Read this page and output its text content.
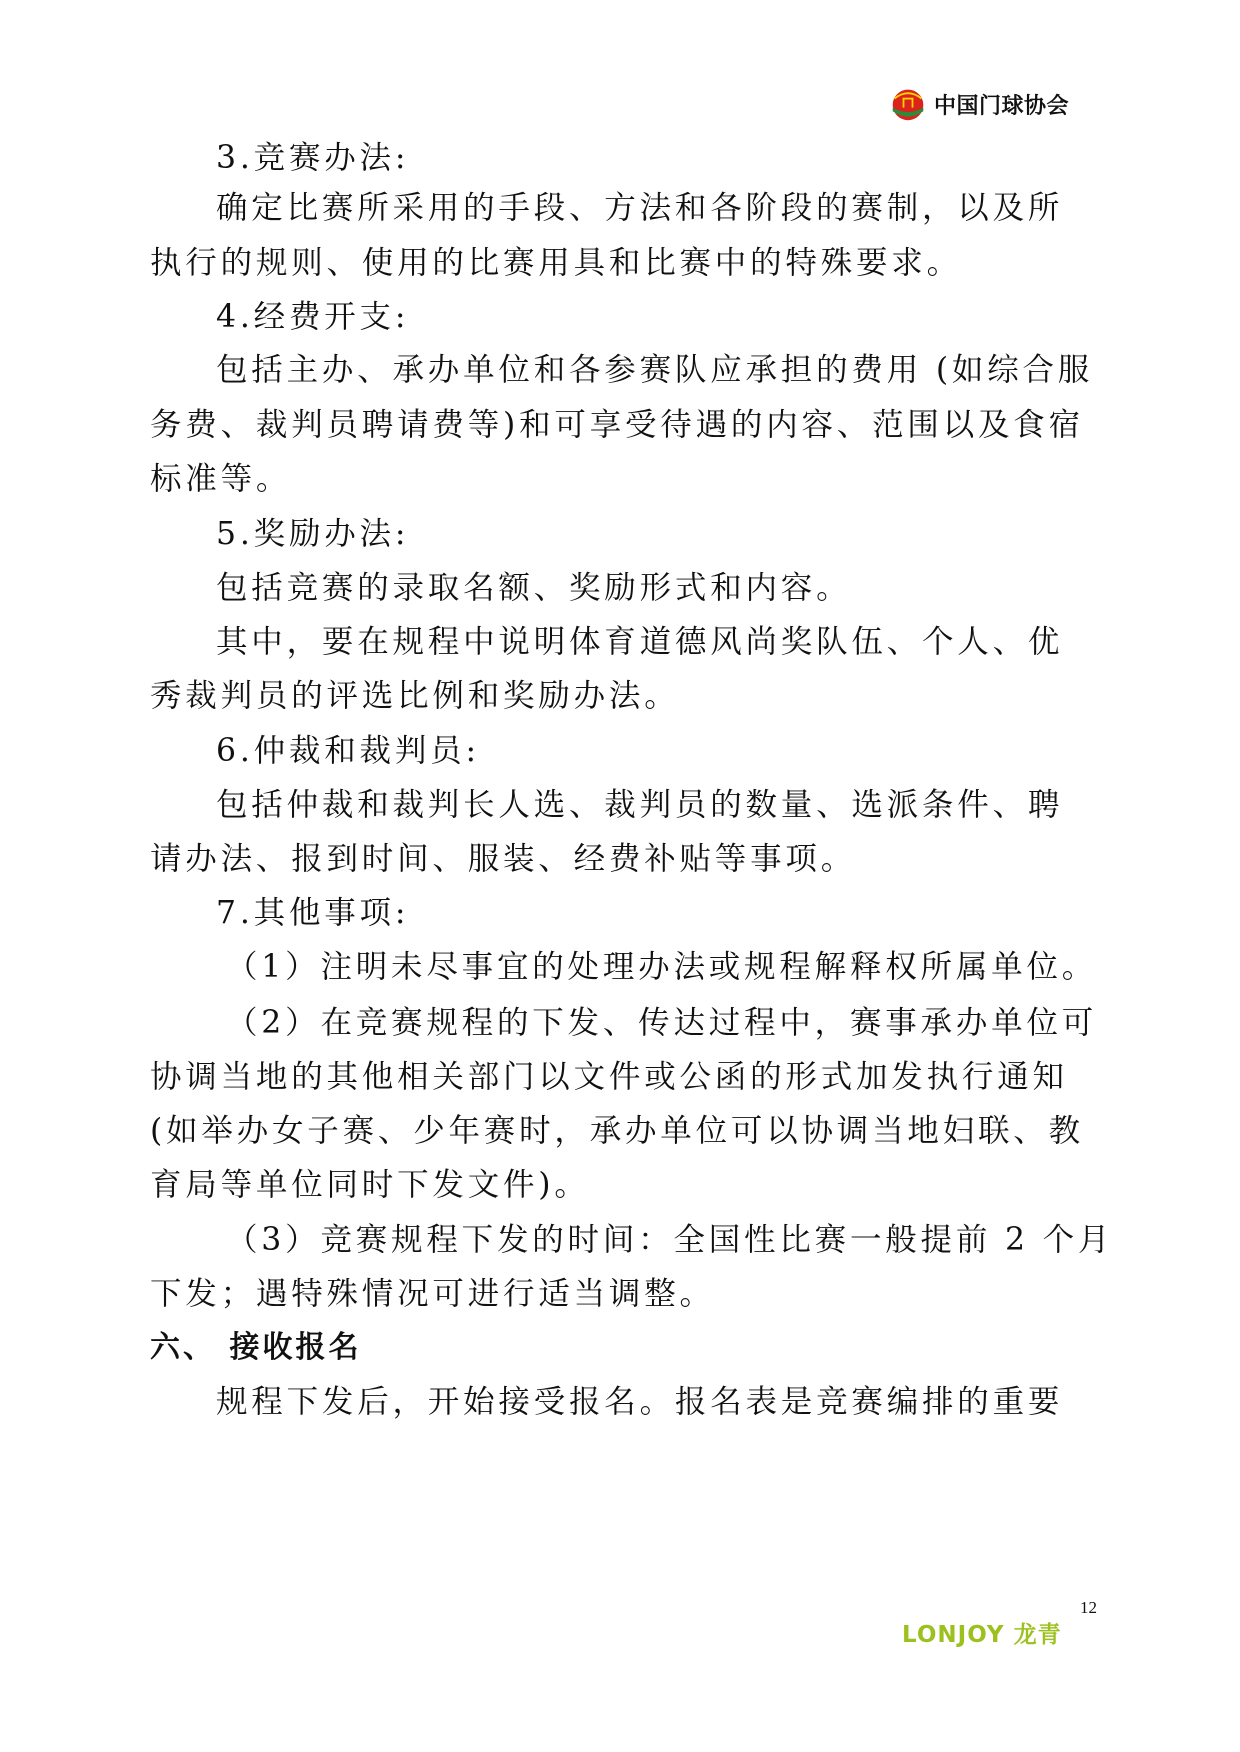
中国门球协会
3.竞赛办法:
确定比赛所采用的手段、方法和各阶段的赛制，以及所
执行的规则、使用的比赛用具和比赛中的特殊要求。
4.经费开支:
包括主办、承办单位和各参赛队应承担的费用 (如综合服
务费、裁判员聘请费等)和可享受待遇的内容、范围以及食宿
标准等。
5.奖励办法:
包括竞赛的录取名额、奖励形式和内容。
其中，要在规程中说明体育道德风尚奖队伍、个人、优
秀裁判员的评选比例和奖励办法。
6.仲裁和裁判员:
包括仲裁和裁判长人选、裁判员的数量、选派条件、聘
请办法、报到时间、服装、经费补贴等事项。
7.其他事项:
（1）注明未尽事宜的处理办法或规程解释权所属单位。
（2）在竞赛规程的下发、传达过程中，赛事承办单位可
协调当地的其他相关部门以文件或公函的形式加发执行通知
(如举办女子赛、少年赛时，承办单位可以协调当地妇联、教
育局等单位同时下发文件)。
（3）竞赛规程下发的时间：全国性比赛一般提前 2 个月
下发；遇特殊情况可进行适当调整。
六、 接收报名
规程下发后，开始接受报名。报名表是竞赛编排的重要
LONJOY 龙青
12
